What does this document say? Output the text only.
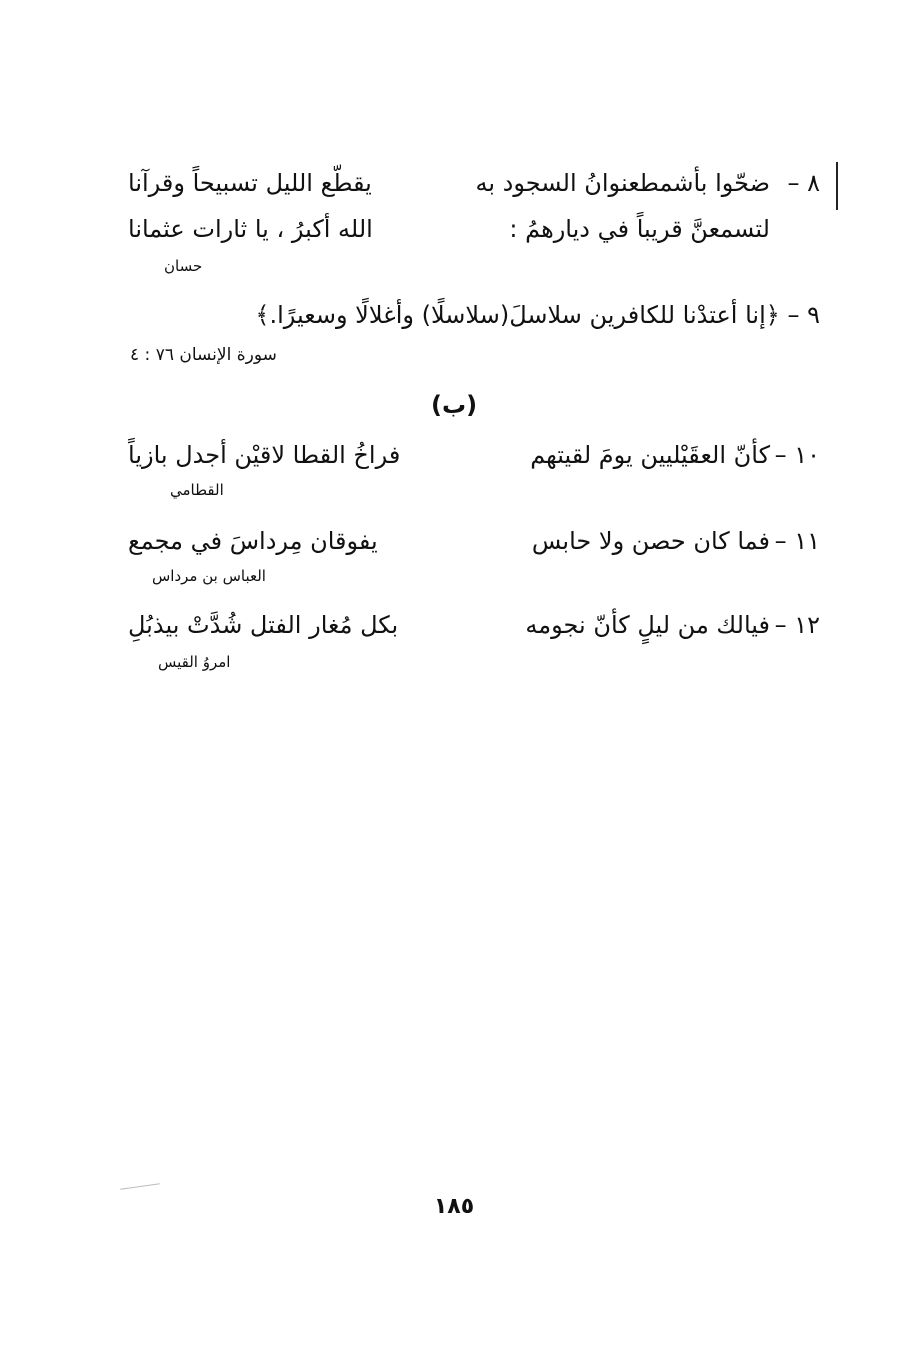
٨ –
ضحّوا بأشمطعنوانُ السجود به
يقطّع الليل تسبيحاً وقرآنا
لتسمعنَّ قريباً في ديارهمُ :
الله أكبرُ ، يا ثارات عثمانا
حسان
٩ – ﴿إنا أعتدْنا للكافرين سلاسلَ(سلاسلًا) وأغلالًا وسعيرًا.﴾
سورة الإنسان ٧٦ : ٤
(ب)
١٠ –
كأنّ العقَيْليين يومَ لقيتهم
فراخُ القطا لاقيْن أجدل بازياً
القطامي
١١ –
فما كان حصن ولا حابس
يفوقان مِرداسَ في مجمع
العباس بن مرداس
١٢ –
فيالك من ليلٍ كأنّ نجومه
بكل مُغار الفتل شُدَّتْ بيذبُلِ
امروُ القيس
١٨٥
